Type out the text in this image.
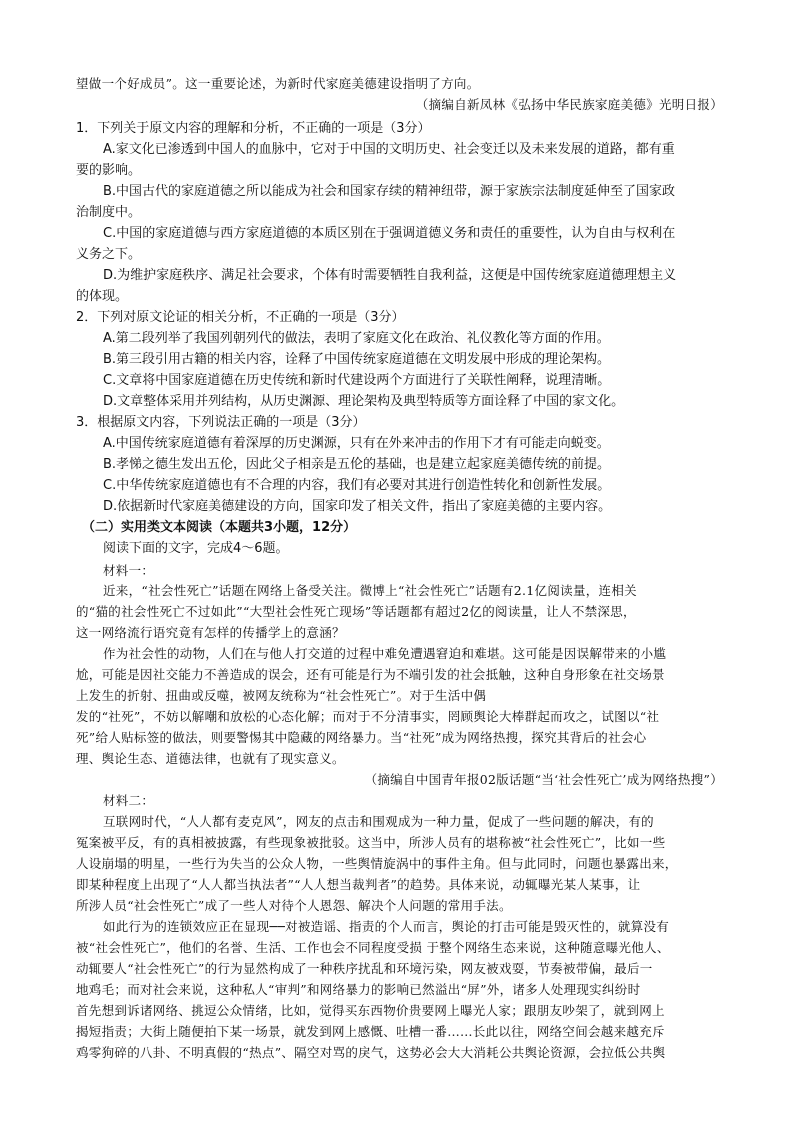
望做一个好成员”。这一重要论述，为新时代家庭美德建设指明了方向。
（摘编自新凤林《弘扬中华民族家庭美德》光明日报）
1．下列关于原文内容的理解和分析，不正确的一项是（3分）
A.家文化已渗透到中国人的血脉中，它对于中国的文明历史、社会变迁以及未来发展的道路，都有重
要的影响。
B.中国古代的家庭道德之所以能成为社会和国家存续的精神纽带，源于家族宗法制度延伸至了国家政
治制度中。
C.中国的家庭道德与西方家庭道德的本质区别在于强调道德义务和责任的重要性，认为自由与权利在
义务之下。
D.为维护家庭秩序、满足社会要求，个体有时需要牺牲自我利益，这便是中国传统家庭道德理想主义
的体现。
2．下列对原文论证的相关分析，不正确的一项是（3分）
A.第二段列举了我国列朝列代的做法，表明了家庭文化在政治、礼仪教化等方面的作用。
B.第三段引用古籍的相关内容，诠释了中国传统家庭道德在文明发展中形成的理论架构。
C.文章将中国家庭道德在历史传统和新时代建设两个方面进行了关联性阐释，说理清晰。
D.文章整体采用并列结构，从历史渊源、理论架构及典型特质等方面诠释了中国的家文化。
3．根据原文内容，下列说法正确的一项是（3分）
A.中国传统家庭道德有着深厚的历史渊源，只有在外来冲击的作用下才有可能走向蜕变。
B.孝悌之德生发出五伦，因此父子相亲是五伦的基础，也是建立起家庭美德传统的前提。
C.中华传统家庭道德也有不合理的内容，我们有必要对其进行创造性转化和创新性发展。
D.依据新时代家庭美德建设的方向，国家印发了相关文件，指出了家庭美德的主要内容。
（二）实用类文本阅读（本题共3小题，12分）
阅读下面的文字，完成4～6题。
材料一：
近来，“社会性死亡”话题在网络上备受关注。微博上“社会性死亡”话题有2.1亿阅读量，连相关
的“猫的社会性死亡不过如此”“大型社会性死亡现场”等话题都有超过2亿的阅读量，让人不禁深思，
这一网络流行语究竟有怎样的传播学上的意涵？
作为社会性的动物，人们在与他人打交道的过程中难免遭遇窘迫和难堪。这可能是因误解带来的小尴
尬，可能是因社交能力不善造成的误会，还有可能是行为不端引发的社会抵触，这种自身形象在社交场景
上发生的折射、扭曲或反噬，被网友统称为“社会性死亡”。对于生活中偶
发的“社死”，不妨以解嘲和放松的心态化解；而对于不分清事实，罔顾舆论大棒群起而攻之，试图以“社
死”给人贴标签的做法，则要警惕其中隐藏的网络暴力。当“社死”成为网络热搜，探究其背后的社会心
理、舆论生态、道德法律，也就有了现实意义。
（摘编自中国青年报02版话题“当‘社会性死亡’成为网络热搜”）
材料二：
互联网时代，“人人都有麦克风”，网友的点击和围观成为一种力量，促成了一些问题的解决，有的
冤案被平反，有的真相被披露，有些现象被批驳。这当中，所涉人员有的堪称被“社会性死亡”，比如一些
人设崩塌的明星，一些行为失当的公众人物，一些舆情旋涡中的事件主角。但与此同时，问题也暴露出来，
即某种程度上出现了“人人都当执法者”“人人想当裁判者”的趋势。具体来说，动辄曝光某人某事，让
所涉人员“社会性死亡”成了一些人对待个人恩怨、解决个人问题的常用手法。
如此行为的连锁效应正在显现──对被造谣、指责的个人而言，舆论的打击可能是毁灭性的，就算没有
被“社会性死亡”，他们的名誉、生活、工作也会不同程度受损 于整个网络生态来说，这种随意曝光他人、
动辄要人“社会性死亡”的行为显然构成了一种秩序扰乱和环境污染，网友被戏耍，节奏被带偏，最后一
地鸡毛；而对社会来说，这种私人“审判”和网络暴力的影响已然溢出“屏”外，诸多人处理现实纠纷时
首先想到诉诸网络、挑逗公众情绪，比如，觉得买东西物价贵要网上曝光人家；跟朋友吵架了，就到网上
揭短指责；大街上随便拍下某一场景，就发到网上感慨、吐槽一番……长此以往，网络空间会越来越充斥
鸡零狗碎的八卦、不明真假的“热点”、隔空对骂的戾气，这势必会大大消耗公共舆论资源，会拉低公共舆
